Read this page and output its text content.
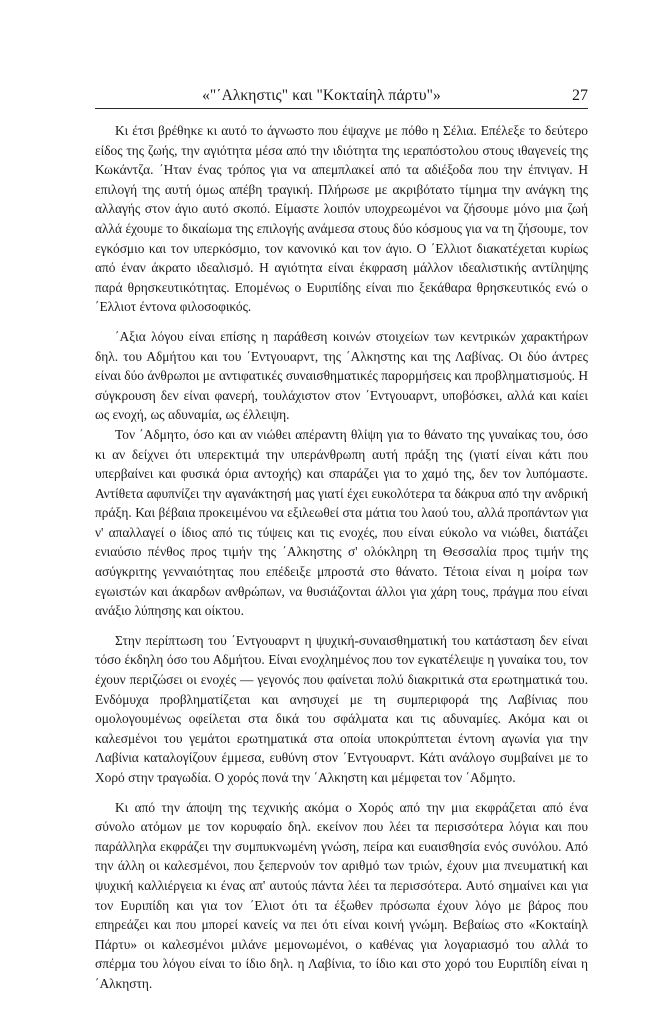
«"΄Αλκηστις" και "Κοκταίηλ πάρτυ"»	27

Κι έτσι βρέθηκε κι αυτό το άγνωστο που έψαχνε με πόθο η Σέλια. Επέλεξε το δεύτερο είδος της ζωής, την αγιότητα μέσα από την ιδιότητα της ιεραπόστολου στους ιθαγενείς της Κωκάντζα. ΄Ηταν ένας τρόπος για να απεμπλακεί από τα αδιέξοδα που την έπνιγαν. Η επιλογή της αυτή όμως απέβη τραγική. Πλήρωσε με ακριβότατο τίμημα την ανάγκη της αλλαγής στον άγιο αυτό σκοπό. Είμαστε λοιπόν υποχρεωμένοι να ζήσουμε μόνο μια ζωή αλλά έχουμε το δικαίωμα της επιλογής ανάμεσα στους δύο κόσμους για να τη ζήσουμε, τον εγκόσμιο και τον υπερκόσμιο, τον κανονικό και τον άγιο. Ο ΄Ελλιοτ διακατέχεται κυρίως από έναν άκρατο ιδεαλισμό. Η αγιότητα είναι έκφραση μάλλον ιδεαλιστικής αντίληψης παρά θρησκευτικότητας. Επομένως ο Ευριπίδης είναι πιο ξεκάθαρα θρησκευτικός ενώ ο ΄Ελλιοτ έντονα φιλοσοφικός.

΄Αξια λόγου είναι επίσης η παράθεση κοινών στοιχείων των κεντρικών χαρακτήρων δηλ. του Αδμήτου και του ΄Εντγουαρντ, της ΄Αλκηστης και της Λαβίνας. Οι δύο άντρες είναι δύο άνθρωποι με αντιφατικές συναισθηματικές παρορμήσεις και προβληματισμούς. Η σύγκρουση δεν είναι φανερή, τουλάχιστον στον ΄Εντγουαρντ, υποβόσκει, αλλά και καίει ως ενοχή, ως αδυναμία, ως έλλειψη.

Τον ΄Αδμητο, όσο και αν νιώθει απέραντη θλίψη για το θάνατο της γυναίκας του, όσο κι αν δείχνει ότι υπερεκτιμά την υπεράνθρωπη αυτή πράξη της (γιατί είναι κάτι που υπερβαίνει και φυσικά όρια αντοχής) και σπαράζει για το χαμό της, δεν τον λυπόμαστε. Αντίθετα αφυπνίζει την αγανάκτησή μας γιατί έχει ευκολότερα τα δάκρυα από την ανδρική πράξη. Και βέβαια προκειμένου να εξιλεωθεί στα μάτια του λαού του, αλλά προπάντων για ν' απαλλαγεί ο ίδιος από τις τύψεις και τις ενοχές, που είναι εύκολο να νιώθει, διατάζει ενιαύσιο πένθος προς τιμήν της ΄Αλκηστης σ' ολόκληρη τη Θεσσαλία προς τιμήν της ασύγκριτης γενναιότητας που επέδειξε μπροστά στο θάνατο. Τέτοια είναι η μοίρα των εγωιστών και άκαρδων ανθρώπων, να θυσιάζονται άλλοι για χάρη τους, πράγμα που είναι ανάξιο λύπησης και οίκτου.

Στην περίπτωση του ΄Εντγουαρντ η ψυχική-συναισθηματική του κατάσταση δεν είναι τόσο έκδηλη όσο του Αδμήτου. Είναι ενοχλημένος που τον εγκατέλειψε η γυναίκα του, τον έχουν περιζώσει οι ενοχές — γεγονός που φαίνεται πολύ διακριτικά στα ερωτηματικά του. Ενδόμυχα προβληματίζεται και ανησυχεί με τη συμπεριφορά της Λαβίνιας που ομολογουμένως οφείλεται στα δικά του σφάλματα και τις αδυναμίες. Ακόμα και οι καλεσμένοι του γεμάτοι ερωτηματικά στα οποία υποκρύπτεται έντονη αγωνία για την Λαβίνια καταλογίζουν έμμεσα, ευθύνη στον ΄Εντγουαρντ. Κάτι ανάλογο συμβαίνει με το Χορό στην τραγωδία. Ο χορός πονά την ΄Αλκηστη και μέμφεται τον ΄Αδμητο.

Κι από την άποψη της τεχνικής ακόμα ο Χορός από την μια εκφράζεται από ένα σύνολο ατόμων με τον κορυφαίο δηλ. εκείνον που λέει τα περισσότερα λόγια και που παράλληλα εκφράζει την συμπυκνωμένη γνώση, πείρα και ευαισθησία ενός συνόλου. Από την άλλη οι καλεσμένοι, που ξεπερνούν τον αριθμό των τριών, έχουν μια πνευματική και ψυχική καλλιέργεια κι ένας απ' αυτούς πάντα λέει τα περισσότερα. Αυτό σημαίνει και για τον Ευριπίδη και για τον ΄Ελιοτ ότι τα έξωθεν πρόσωπα έχουν λόγο με βάρος που επηρεάζει και που μπορεί κανείς να πει ότι είναι κοινή γνώμη. Βεβαίως στο «Κοκταίηλ Πάρτυ» οι καλεσμένοι μιλάνε μεμονωμένοι, ο καθένας για λογαριασμό του αλλά το σπέρμα του λόγου είναι το ίδιο δηλ. η Λαβίνια, το ίδιο και στο χορό του Ευριπίδη είναι η ΄Αλκηστη.
